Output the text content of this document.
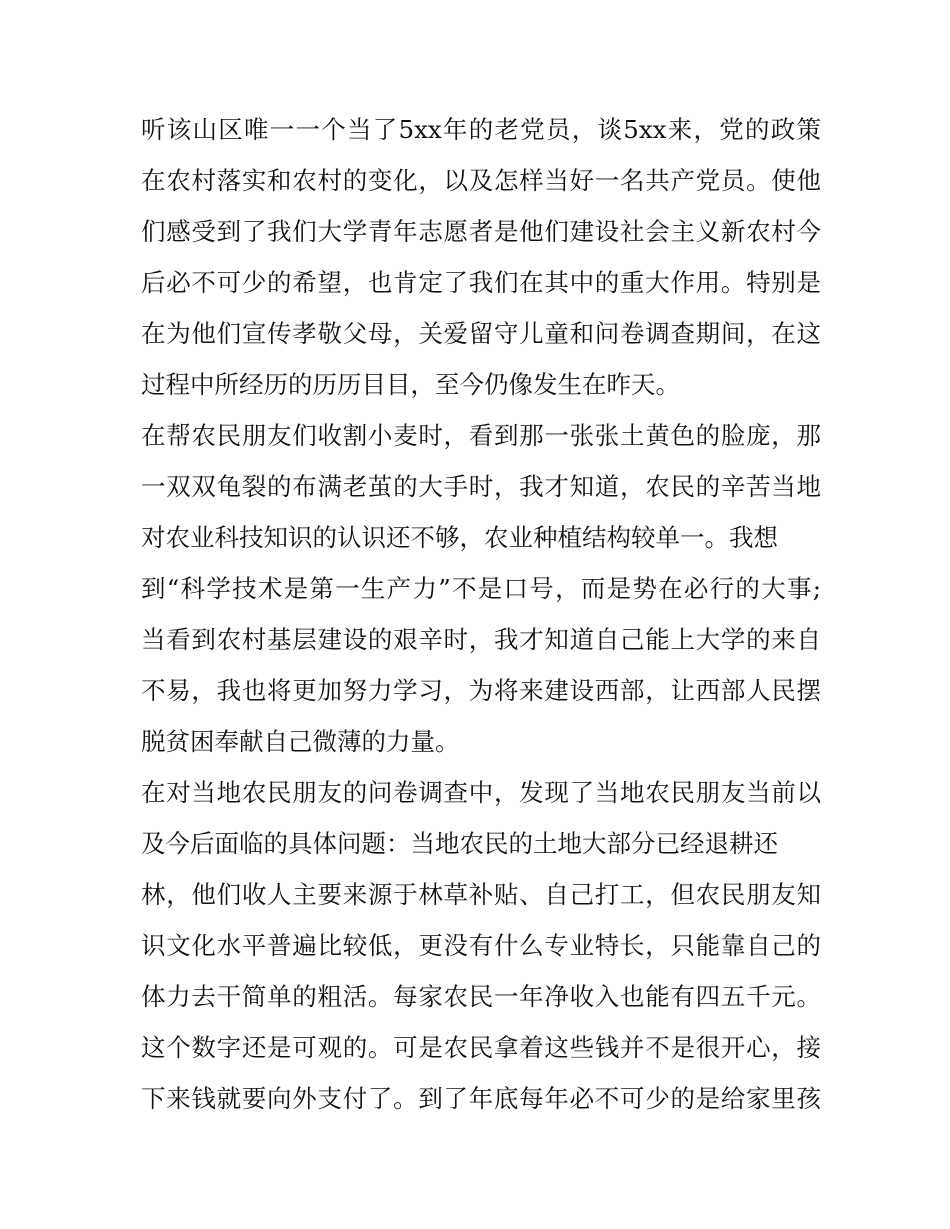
听该山区唯一一个当了5xx年的老党员，谈5xx来，党的政策
在农村落实和农村的变化，以及怎样当好一名共产党员。使他
们感受到了我们大学青年志愿者是他们建设社会主义新农村今
后必不可少的希望，也肯定了我们在其中的重大作用。特别是
在为他们宣传孝敬父母，关爱留守儿童和问卷调查期间，在这
过程中所经历的历历目目，至今仍像发生在昨天。
在帮农民朋友们收割小麦时，看到那一张张土黄色的脸庞，那
一双双龟裂的布满老茧的大手时，我才知道，农民的辛苦当地
对农业科技知识的认识还不够，农业种植结构较单一。我想
到“科学技术是第一生产力”不是口号，而是势在必行的大事;
当看到农村基层建设的艰辛时，我才知道自己能上大学的来自
不易，我也将更加努力学习，为将来建设西部，让西部人民摆
脱贫困奉献自己微薄的力量。
在对当地农民朋友的问卷调查中，发现了当地农民朋友当前以
及今后面临的具体问题：当地农民的土地大部分已经退耕还
林，他们收人主要来源于林草补贴、自己打工，但农民朋友知
识文化水平普遍比较低，更没有什么专业特长，只能靠自己的
体力去干简单的粗活。每家农民一年净收入也能有四五千元。
这个数字还是可观的。可是农民拿着这些钱并不是很开心，接
下来钱就要向外支付了。到了年底每年必不可少的是给家里孩
